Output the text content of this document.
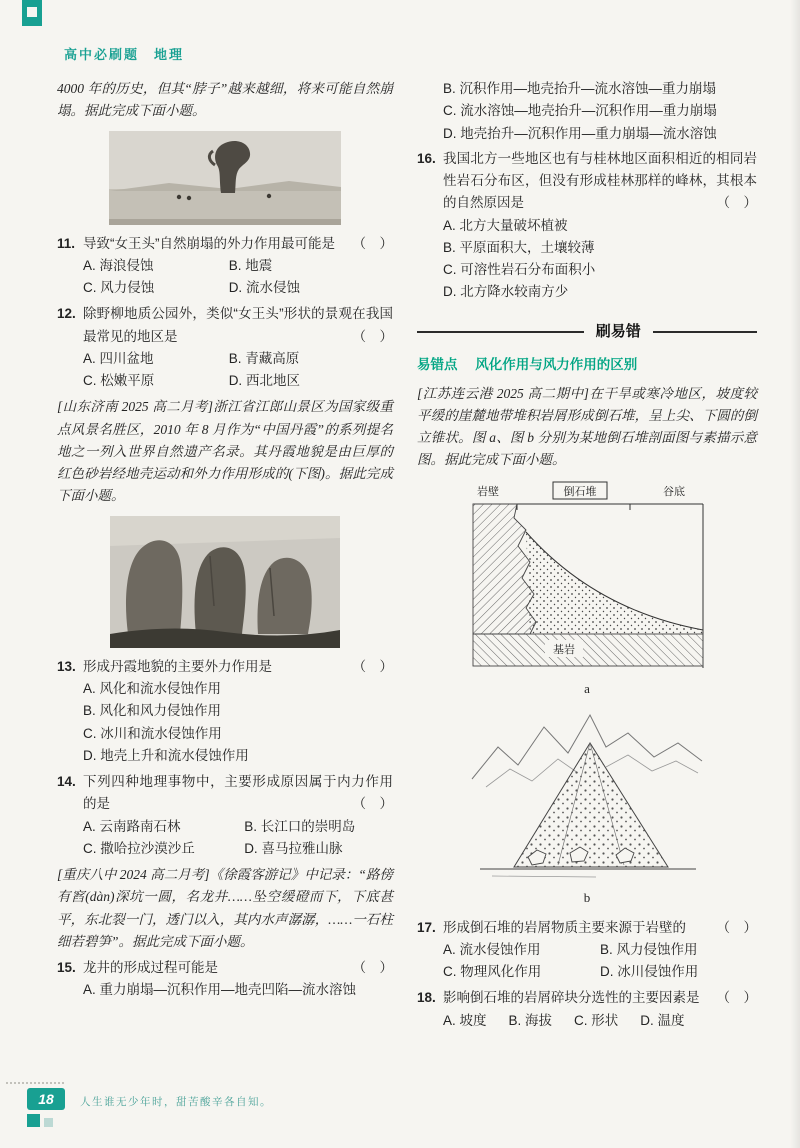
高中必刷题　地理

4000 年的历史，但其“脖子”越来越细，将来可能自然崩塌。据此完成下面小题。

11. 导致“女王头”自然崩塌的外力作用最可能是	（　）
A. 海浪侵蚀	B. 地震
C. 风力侵蚀	D. 流水侵蚀
12. 除野柳地质公园外，类似“女王头”形状的景观在我国最常见的地区是	（　）
A. 四川盆地	B. 青藏高原
C. 松嫩平原	D. 西北地区

[山东济南 2025 高二月考]浙江省江郎山景区为国家级重点风景名胜区，2010 年 8 月作为“中国丹霞”的系列提名地之一列入世界自然遗产名录。其丹霞地貌是由巨厚的红色砂岩经地壳运动和外力作用形成的(下图)。据此完成下面小题。

13. 形成丹霞地貌的主要外力作用是	（　）
A. 风化和流水侵蚀作用
B. 风化和风力侵蚀作用
C. 冰川和流水侵蚀作用
D. 地壳上升和流水侵蚀作用
14. 下列四种地理事物中，主要形成原因属于内力作用的是	（　）
A. 云南路南石林	B. 长江口的崇明岛
C. 撒哈拉沙漠沙丘	D. 喜马拉雅山脉

[重庆八中 2024 高二月考]《徐霞客游记》中记录：“路傍有窞(dàn)深坑一圆，名龙井……坠空缓磴而下，下底甚平，东北裂一门，透门以入，其内水声潺潺，……一石柱细若碧笋”。据此完成下面小题。

15. 龙井的形成过程可能是	（　）
A. 重力崩塌—沉积作用—地壳凹陷—流水溶蚀
B. 沉积作用—地壳抬升—流水溶蚀—重力崩塌
C. 流水溶蚀—地壳抬升—沉积作用—重力崩塌
D. 地壳抬升—沉积作用—重力崩塌—流水溶蚀
16. 我国北方一些地区也有与桂林地区面积相近的相同岩性岩石分布区，但没有形成桂林那样的峰林，其根本的自然原因是	（　）
A. 北方大量破坏植被
B. 平原面积大，土壤较薄
C. 可溶性岩石分布面积小
D. 北方降水较南方少
刷易错
易错点 风化作用与风力作用的区别

[江苏连云港 2025 高二期中]在干旱或寒冷地区，坡度较平缓的崖麓地带堆积岩屑形成倒石堆，呈上尖、下圆的倒立锥状。图 a、图 b 分别为某地倒石堆剖面图与素描示意图。据此完成下面小题。

岩壁	倒石堆	谷底
基岩

a

b

17. 形成倒石堆的岩屑物质主要来源于岩壁的	（　）
A. 流水侵蚀作用	B. 风力侵蚀作用
C. 物理风化作用	D. 冰川侵蚀作用
18. 影响倒石堆的岩屑碎块分选性的主要因素是	（　）
A. 坡度 B. 海拔 C. 形状 D. 温度
18	人生谁无少年时，甜苦酸辛各自知。
